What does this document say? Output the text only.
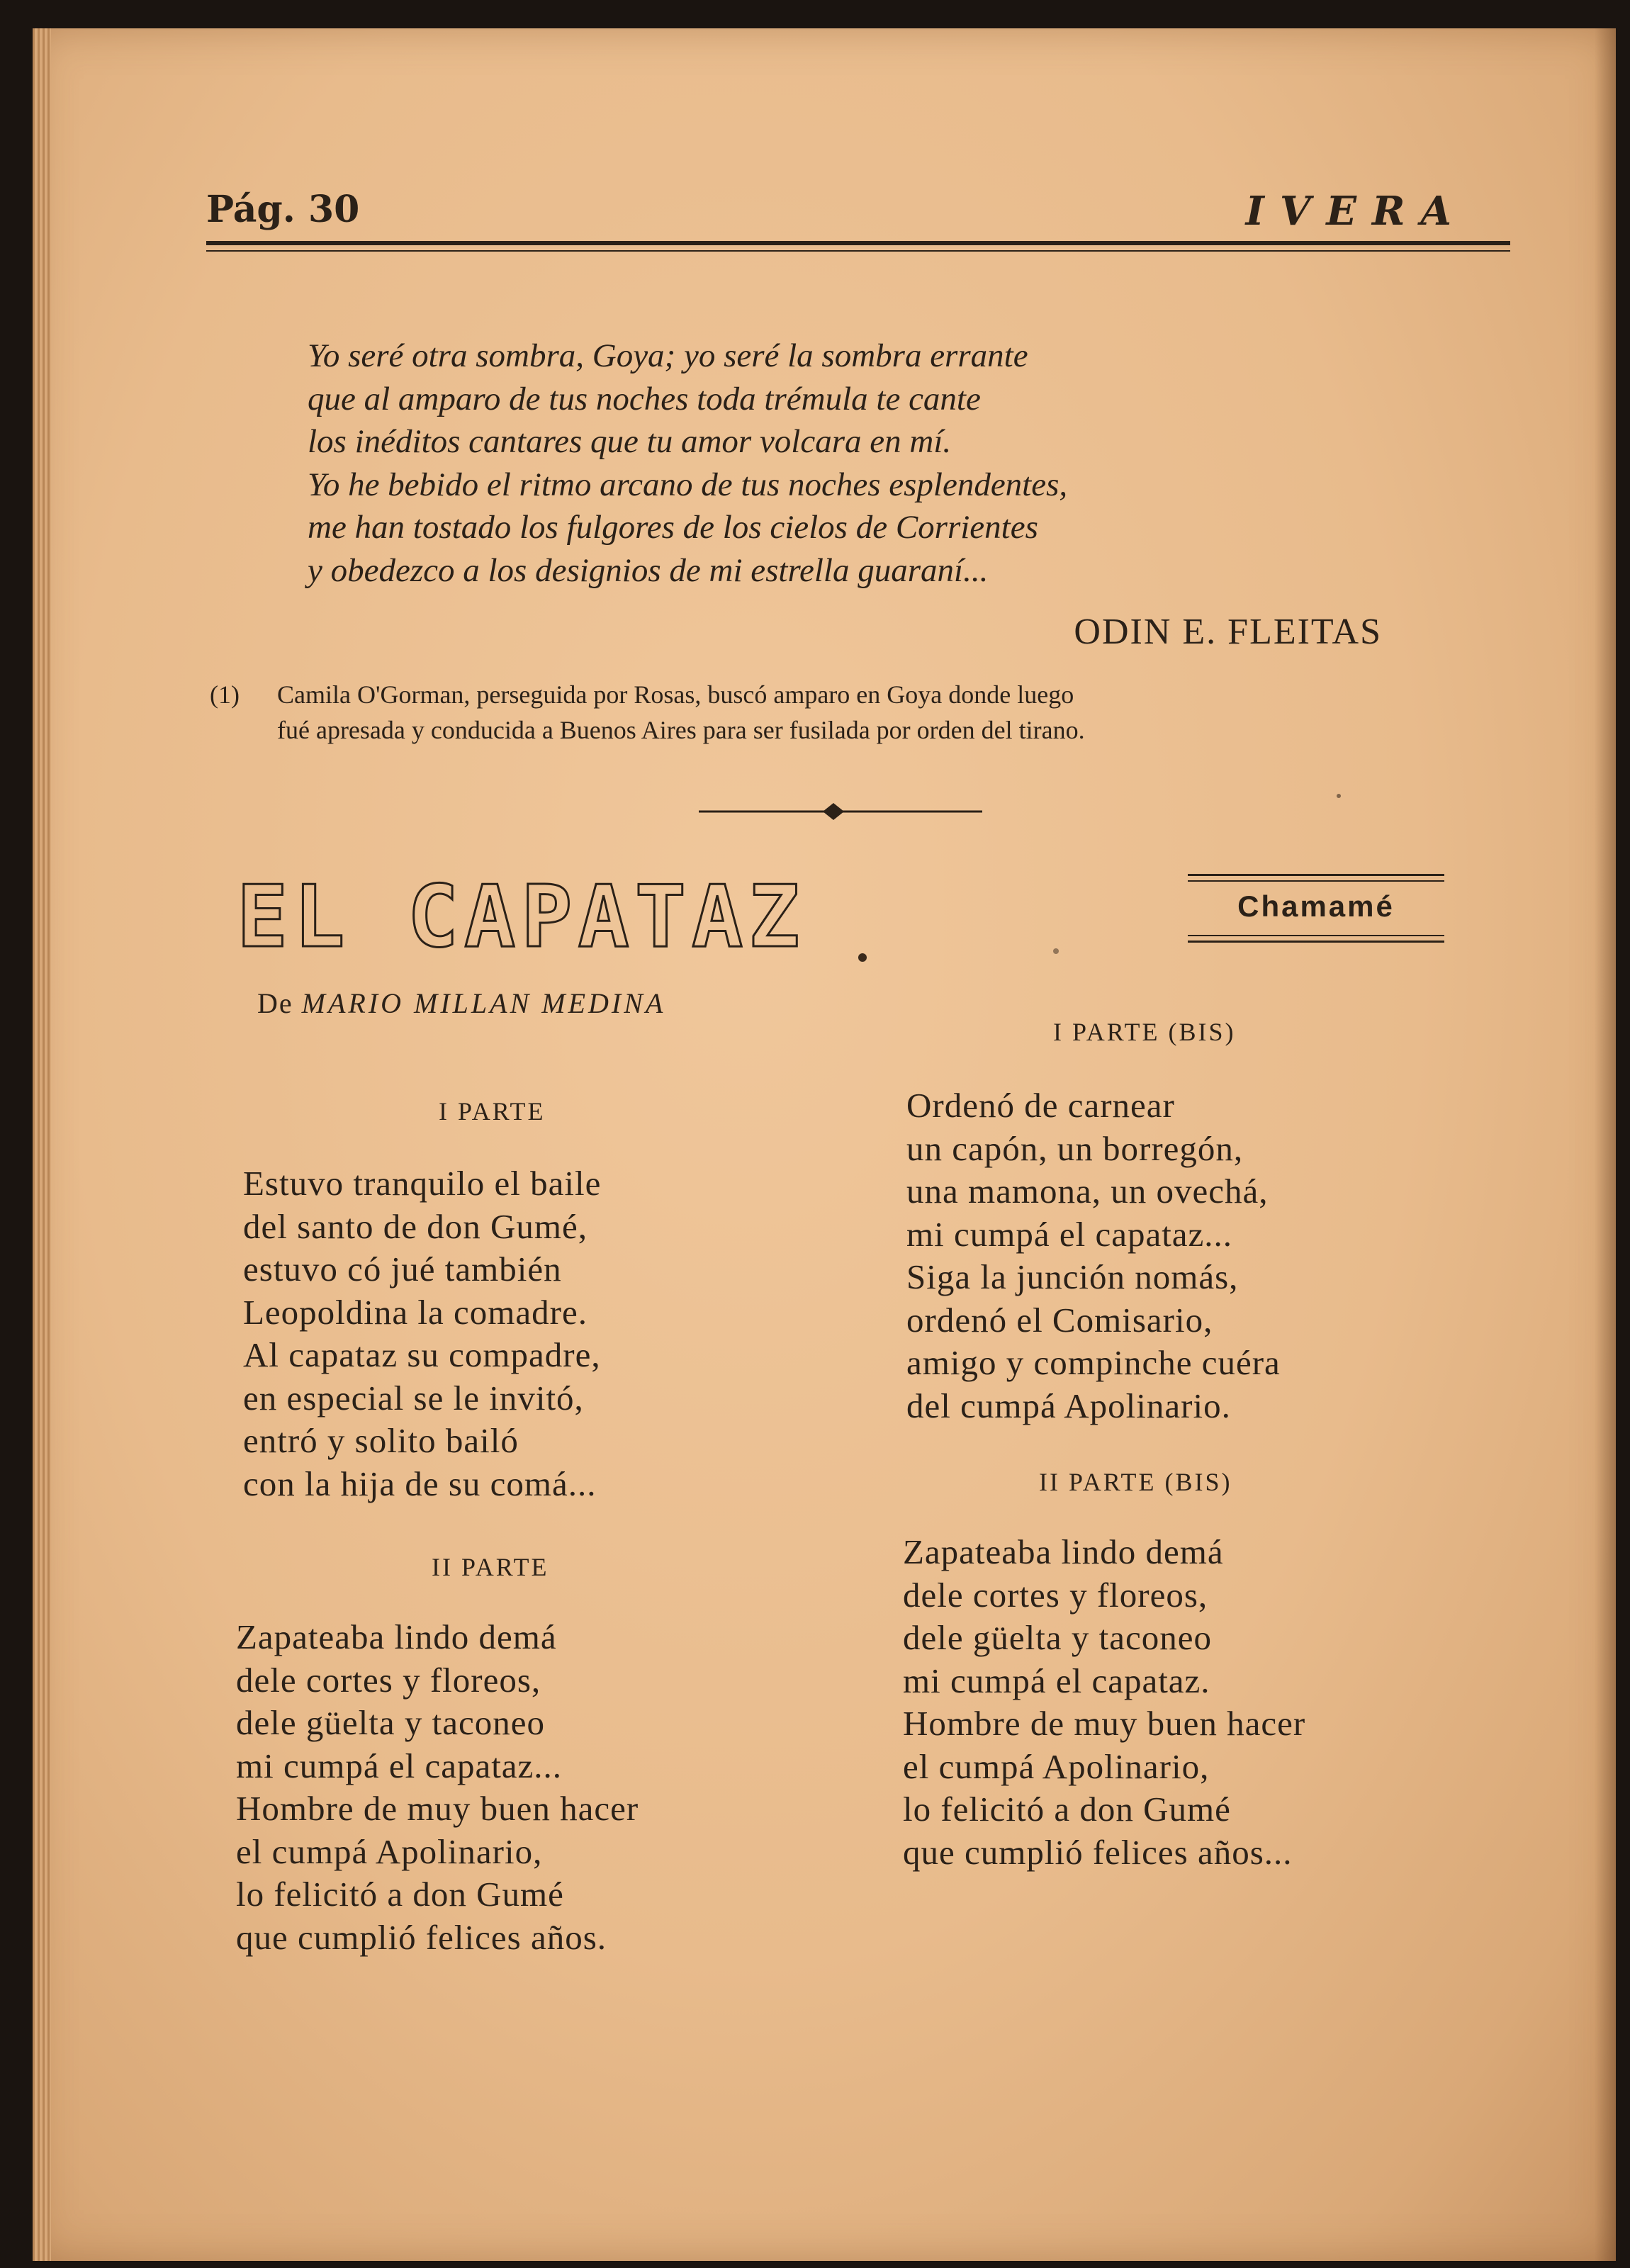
Pág. 30	IVERA
Yo seré otra sombra, Goya; yo seré la sombra errante
que al amparo de tus noches toda trémula te cante
los inéditos cantares que tu amor volcara en mí.
Yo he bebido el ritmo arcano de tus noches esplendentes,
me han tostado los fulgores de los cielos de Corrientes
y obedezco a los designios de mi estrella guaraní...
ODIN E. FLEITAS
(1) Camila O'Gorman, perseguida por Rosas, buscó amparo en Goya donde luego
fué apresada y conducida a Buenos Aires para ser fusilada por orden del tirano.
EL CAPATAZ	Chamamé
De MARIO MILLAN MEDINA
I PARTE
Estuvo tranquilo el baile
del santo de don Gumé,
estuvo có jué también
Leopoldina la comadre.
Al capataz su compadre,
en especial se le invitó,
entró y solito bailó
con la hija de su comá...
II PARTE
Zapateaba lindo demá
dele cortes y floreos,
dele güelta y taconeo
mi cumpá el capataz...
Hombre de muy buen hacer
el cumpá Apolinario,
lo felicitó a don Gumé
que cumplió felices años.
I PARTE (BIS)
Ordenó de carnear
un capón, un borregón,
una mamona, un ovechá,
mi cumpá el capataz...
Siga la junción nomás,
ordenó el Comisario,
amigo y compinche cuéra
del cumpá Apolinario.
II PARTE (BIS)
Zapateaba lindo demá
dele cortes y floreos,
dele güelta y taconeo
mi cumpá el capataz.
Hombre de muy buen hacer
el cumpá Apolinario,
lo felicitó a don Gumé
que cumplió felices años...
